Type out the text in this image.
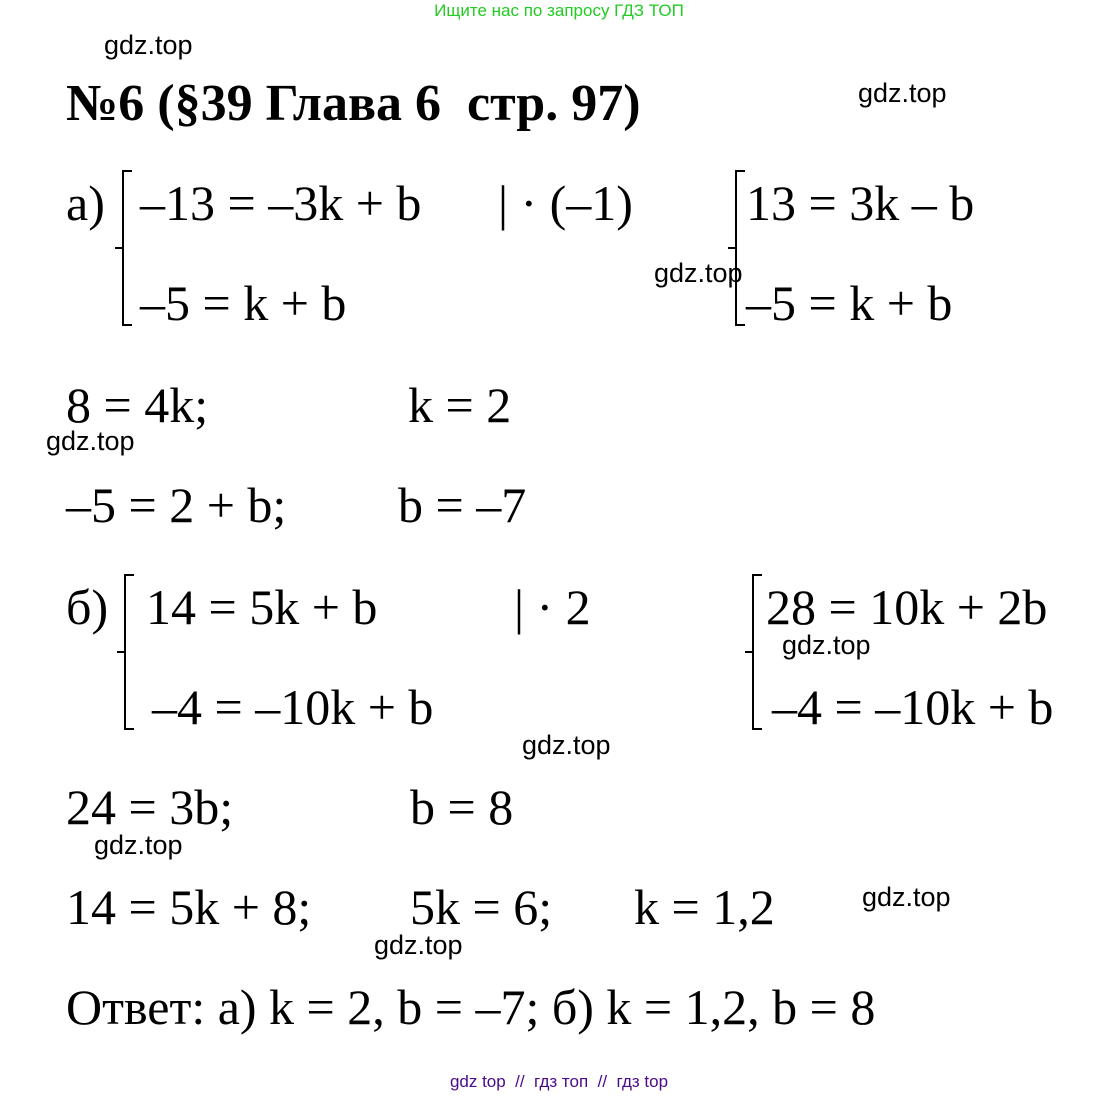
Ищите нас по запросу ГДЗ ТОП
gdz.top
gdz.top
gdz.top
gdz.top
gdz.top
gdz.top
gdz.top
gdz.top
gdz.top
№6 (§39 Глава 6  стр. 97)
а) –13 = –3k + b | · (–1)
–5 = k + b
13 = 3k – b
–5 = k + b
8 = 4k;	k = 2
–5 = 2 + b; b = –7
б) 14 = 5k + b	| · 2
–4 = –10k + b
28 = 10k + 2b
–4 = –10k + b
24 = 3b;	b = 8
14 = 5k + 8; 5k = 6; k = 1,2
Ответ: а) k = 2, b = –7; б) k = 1,2, b = 8
gdz top  //  гдз топ  //  гдз top
